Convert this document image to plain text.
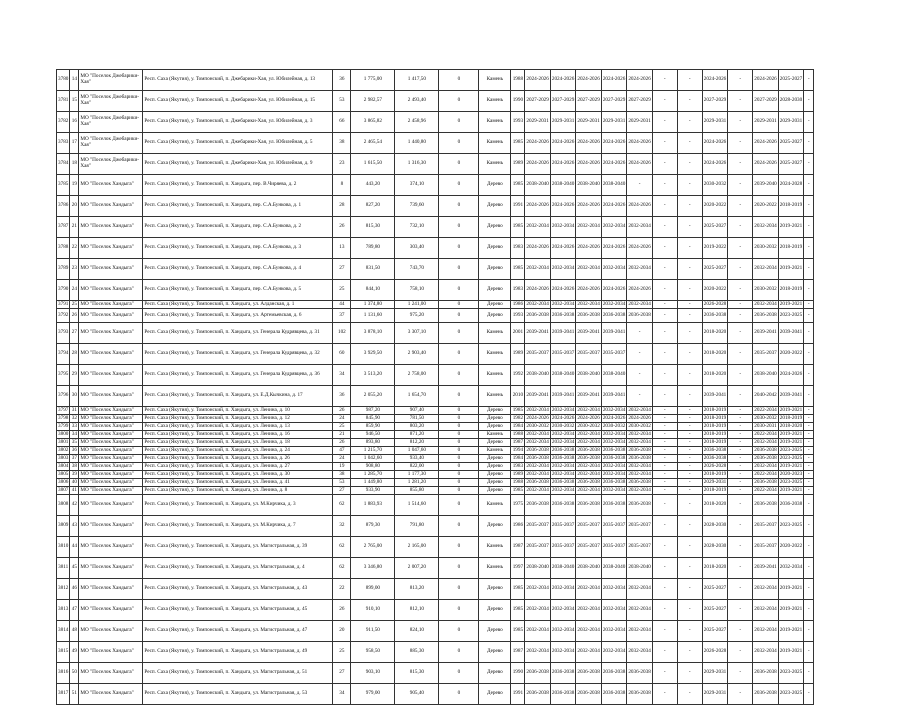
3780	14	МО "Поселок Джебарики-Хая"	Респ. Саха (Якутия), у. Томпонский, п. Джебарики-Хая, ул. Юбилейная, д. 13	36	1 775,00	1 417,50	0	Камень	1988	2024-2026	2024-2026	2024-2026	2024-2026	2024-2026	-	-	2024-2026	-	2024-2026	2025-2027	-
3781	15	МО "Поселок Джебарики-Хая"	Респ. Саха (Якутия), у. Томпонский, п. Джебарики-Хая, ул. Юбилейная, д. 15	53	2 982,57	2 493,40	0	Камень	1990	2027-2029	2027-2029	2027-2029	2027-2029	2027-2029	-	-	2027-2029	-	2027-2029	2028-2030	-
3782	16	МО "Поселок Джебарики-Хая"	Респ. Саха (Якутия), у. Томпонский, п. Джебарики-Хая, ул. Юбилейная, д. 3	66	3 865,82	2 458,96	0	Камень	1993	2029-2031	2029-2031	2029-2031	2029-2031	2029-2031	-	-	2029-2031	-	2029-2031	2029-2031	-
3783	17	МО "Поселок Джебарики-Хая"	Респ. Саха (Якутия), у. Томпонский, п. Джебарики-Хая, ул. Юбилейная, д. 5	38	2 465,54	1 440,80	0	Камень	1985	2024-2026	2024-2026	2024-2026	2024-2026	2024-2026	-	-	2024-2026	-	2024-2026	2025-2027	-
3784	18	МО "Поселок Джебарики-Хая"	Респ. Саха (Якутия), у. Томпонский, п. Джебарики-Хая, ул. Юбилейная, д. 9	23	1 615,50	1 316,30	0	Камень	1989	2024-2026	2024-2026	2024-2026	2024-2026	2024-2026	-	-	2024-2026	-	2024-2026	2025-2027	-
3785	19	МО "Поселок Хандыга"	Респ. Саха (Якутия), у. Томпонский, п. Хандыга, пер. В.Чиряева, д. 2	8	443,20	374,10	0	Дерево	1985	2038-2040	2038-2040	2038-2040	2038-2040	-	-	-	2030-2032	-	2039-2040	2024-2028	-
3786	20	МО "Поселок Хандыга"	Респ. Саха (Якутия), у. Томпонский, п. Хандыга, пер. С.А.Бункова, д. 1	28	827,20	739,60	0	Дерево	1991	2024-2026	2024-2026	2024-2026	2024-2026	2024-2026	-	-	2020-2022	-	2020-2022	2018-2019	-
3787	21	МО "Поселок Хандыга"	Респ. Саха (Якутия), у. Томпонский, п. Хандыга, пер. С.А.Бункова, д. 2	26	815,30	732,10	0	Дерево	1985	2032-2034	2032-2034	2032-2034	2032-2034	2032-2034	-	-	2025-2027	-	2032-2034	2019-2021	-
3788	22	МО "Поселок Хандыга"	Респ. Саха (Якутия), у. Томпонский, п. Хандыга, пер. С.А.Бункова, д. 3	13	789,80	303,40	0	Дерево	1983	2024-2026	2024-2026	2024-2026	2024-2026	2024-2026	-	-	2019-2022	-	2030-2032	2018-2019	-
3789	23	МО "Поселок Хандыга"	Респ. Саха (Якутия), у. Томпонский, п. Хандыга, пер. С.А.Бункова, д. 4	27	831,50	743,70	0	Дерево	1985	2032-2034	2032-2034	2032-2034	2032-2034	2032-2034	-	-	2025-2027	-	2032-2034	2019-2021	-
3790	24	МО "Поселок Хандыга"	Респ. Саха (Якутия), у. Томпонский, п. Хандыга, пер. С.А.Бункова, д. 5	25	844,10	758,10	0	Дерево	1983	2024-2026	2024-2026	2024-2026	2024-2026	2024-2026	-	-	2020-2022	-	2030-2032	2018-2019	-
3791	25	МО "Поселок Хандыга"	Респ. Саха (Якутия), у. Томпонский, п. Хандыга, ул. Алданская, д. 1	44	1 374,80	1 241,00	0	Дерево	1986	2032-2034	2032-2034	2032-2034	2032-2034	2032-2034	-	-	2026-2028	-	2032-2034	2019-2021	-
3792	26	МО "Поселок Хандыга"	Респ. Саха (Якутия), у. Томпонский, п. Хандыга, ул. Артемьевская, д. 6	37	1 131,60	975,20	0	Дерево	1993	2036-2038	2036-2038	2036-2038	2036-2038	2036-2038	-	-	2036-2038	-	2036-2038	2023-2025	-
3793	27	МО "Поселок Хандыга"	Респ. Саха (Якутия), у. Томпонский, п. Хандыга, ул. Генерала Кудрявцева, д. 31	102	3 878,10	3 307,10	0	Камень	2001	2039-2041	2039-2041	2039-2041	2039-2041	-	-	-	2018-2020	-	2039-2041	2039-2041	-
3794	28	МО "Поселок Хандыга"	Респ. Саха (Якутия), у. Томпонский, п. Хандыга, ул. Генерала Кудрявцева, д. 32	60	3 929,50	2 903,40	0	Камень	1989	2035-2037	2035-2037	2035-2037	2035-2037	-	-	-	2018-2020	-	2035-2037	2020-2022	-
3795	29	МО "Поселок Хандыга"	Респ. Саха (Якутия), у. Томпонский, п. Хандыга, ул. Генерала Кудрявцева, д. 36	34	3 513,20	2 758,00	0	Камень	1992	2038-2040	2038-2040	2038-2040	2038-2040	-	-	-	2018-2020	-	2038-2040	2024-2026	-
3796	30	МО "Поселок Хандыга"	Респ. Саха (Якутия), у. Томпонский, п. Хандыга, ул. Е.Д.Кычкина, д. 17	36	2 055,20	1 654,70	0	Камень	2010	2039-2041	2039-2041	2039-2041	2039-2041	-	-	-	2039-2041	-	2040-2042	2039-2041	-
3797	31	МО "Поселок Хандыга"	Респ. Саха (Якутия), у. Томпонский, п. Хандыга, ул. Ленина, д. 10	26	987,20	907,40	0	Дерево	1985	2032-2034	2032-2034	2032-2034	2032-2034	2032-2034	-	-	2018-2019	-	2022-2034	2019-2021	-
3798	32	МО "Поселок Хандыга"	Респ. Саха (Якутия), у. Томпонский, п. Хандыга, ул. Ленина, д. 12	24	845,90	781,50	0	Дерево	1982	2024-2026	2024-2026	2024-2026	2024-2026	2024-2026	-	-	2018-2019	-	2030-2032	2018-2019	-
3799	33	МО "Поселок Хандыга"	Респ. Саха (Якутия), у. Томпонский, п. Хандыга, ул. Ленина, д. 13	25	859,90	803,20	0	Дерево	1984	2030-2032	2030-2032	2030-2032	2030-2032	2030-2032	-	-	2018-2019	-	2030-2031	2018-2020	-
3800	34	МО "Поселок Хандыга"	Респ. Саха (Якутия), у. Томпонский, п. Хандыга, ул. Ленина, д. 16	21	946,50	871,20	0	Камень	1988	2032-2034	2032-2034	2032-2034	2032-2034	2032-2034	-	-	2018-2019	-	2022-2034	2019-2021	-
3801	35	МО "Поселок Хандыга"	Респ. Саха (Якутия), у. Томпонский, п. Хандыга, ул. Ленина, д. 18	26	893,80	812,20	0	Дерево	1987	2032-2034	2032-2034	2032-2034	2032-2034	2032-2034	-	-	2018-2019	-	2032-2034	2019-2021	-
3802	36	МО "Поселок Хандыга"	Респ. Саха (Якутия), у. Томпонский, п. Хандыга, ул. Ленина, д. 24	47	1 215,70	1 047,60	0	Камень	1994	2036-2038	2036-2038	2036-2038	2036-2038	2036-2038	-	-	2036-2038	-	2036-2038	2023-2025	-
3803	37	МО "Поселок Хандыга"	Респ. Саха (Якутия), у. Томпонский, п. Хандыга, ул. Ленина, д. 26	24	1 042,60	933,40	0	Дерево	1984	2036-2038	2036-2038	2036-2038	2036-2038	2036-2038	-	-	2036-2038	-	2036-2038	2023-2025	-
3804	38	МО "Поселок Хандыга"	Респ. Саха (Якутия), у. Томпонский, п. Хандыга, ул. Ленина, д. 27	19	908,80	822,00	0	Дерево	1983	2032-2034	2032-2034	2032-2034	2032-2034	2032-2034	-	-	2026-2028	-	2032-2034	2019-2021	-
3805	39	МО "Поселок Хандыга"	Респ. Саха (Якутия), у. Томпонский, п. Хандыга, ул. Ленина, д. 30	38	1 285,70	1 177,30	0	Дерево	1989	2032-2034	2032-2034	2032-2034	2032-2034	2032-2034	-	-	2018-2019	-	2022-2034	2020-2023	-
3806	40	МО "Поселок Хандыга"	Респ. Саха (Якутия), у. Томпонский, п. Хандыга, ул. Ленина, д. 41	53	1 449,80	1 281,20	0	Дерево	1988	2036-2038	2036-2038	2036-2038	2036-2038	2036-2038	-	-	2029-2031	-	2036-2038	2023-2025	-
3807	41	МО "Поселок Хандыга"	Респ. Саха (Якутия), у. Томпонский, п. Хандыга, ул. Ленина, д. 8	27	933,90	855,80	0	Дерево	1985	2032-2034	2032-2034	2032-2034	2032-2034	2032-2034	-	-	2018-2019	-	2022-2034	2019-2021	-
3808	42	МО "Поселок Хандыга"	Респ. Саха (Якутия), у. Томпонский, п. Хандыга, ул. М.Кирчика, д. 3	62	1 883,93	1 514,60	0	Камень	1975	2036-2038	2036-2038	2036-2038	2036-2038	2036-2038	-	-	2018-2020	-	2036-2038	2036-2038	-
3809	43	МО "Поселок Хандыга"	Респ. Саха (Якутия), у. Томпонский, п. Хандыга, ул. М.Кирчика, д. 7	32	879,30	791,80	0	Дерево	1986	2035-2037	2035-2037	2035-2037	2035-2037	2035-2037	-	-	2028-2030	-	2035-2037	2023-2025	-
3810	44	МО "Поселок Хандыга"	Респ. Саха (Якутия), у. Томпонский, п. Хандыга, ул. Магистральная, д. 39	62	2 765,00	2 165,00	0	Камень	1987	2035-2037	2035-2037	2035-2037	2035-2037	2035-2037	-	-	2028-2030	-	2035-2037	2020-2022	-
3811	45	МО "Поселок Хандыга"	Респ. Саха (Якутия), у. Томпонский, п. Хандыга, ул. Магистральная, д. 4	62	3 346,80	2 007,20	0	Камень	1997	2038-2040	2038-2040	2038-2040	2038-2040	2038-2040	-	-	2018-2020	-	2039-2041	2032-2034	-
3812	46	МО "Поселок Хандыга"	Респ. Саха (Якутия), у. Томпонский, п. Хандыга, ул. Магистральная, д. 43	22	899,00	813,20	0	Дерево	1985	2032-2034	2032-2034	2032-2034	2032-2034	2032-2034	-	-	2025-2027	-	2032-2034	2019-2021	-
3813	47	МО "Поселок Хандыга"	Респ. Саха (Якутия), у. Томпонский, п. Хандыга, ул. Магистральная, д. 45	26	910,10	812,10	0	Дерево	1985	2032-2034	2032-2034	2032-2034	2032-2034	2032-2034	-	-	2025-2027	-	2032-2034	2019-2021	-
3814	48	МО "Поселок Хандыга"	Респ. Саха (Якутия), у. Томпонский, п. Хандыга, ул. Магистральная, д. 47	20	911,50	824,10	0	Дерево	1985	2032-2034	2032-2034	2032-2034	2032-2034	2032-2034	-	-	2025-2027	-	2032-2034	2019-2021	-
3815	49	МО "Поселок Хандыга"	Респ. Саха (Якутия), у. Томпонский, п. Хандыга, ул. Магистральная, д. 49	25	958,50	885,30	0	Дерево	1987	2032-2034	2032-2034	2032-2034	2032-2034	2032-2034	-	-	2026-2028	-	2032-2034	2019-2021	-
3816	50	МО "Поселок Хандыга"	Респ. Саха (Якутия), у. Томпонский, п. Хандыга, ул. Магистральная, д. 51	27	903,10	815,30	0	Дерево	1990	2036-2038	2036-2038	2036-2038	2036-2038	2036-2038	-	-	2029-2031	-	2036-2038	2023-2025	-
3817	51	МО "Поселок Хандыга"	Респ. Саха (Якутия), у. Томпонский, п. Хандыга, ул. Магистральная, д. 53	34	979,00	905,40	0	Дерево	1991	2036-2038	2036-2038	2036-2038	2036-2038	2036-2038	-	-	2029-2031	-	2036-2038	2023-2025	-
